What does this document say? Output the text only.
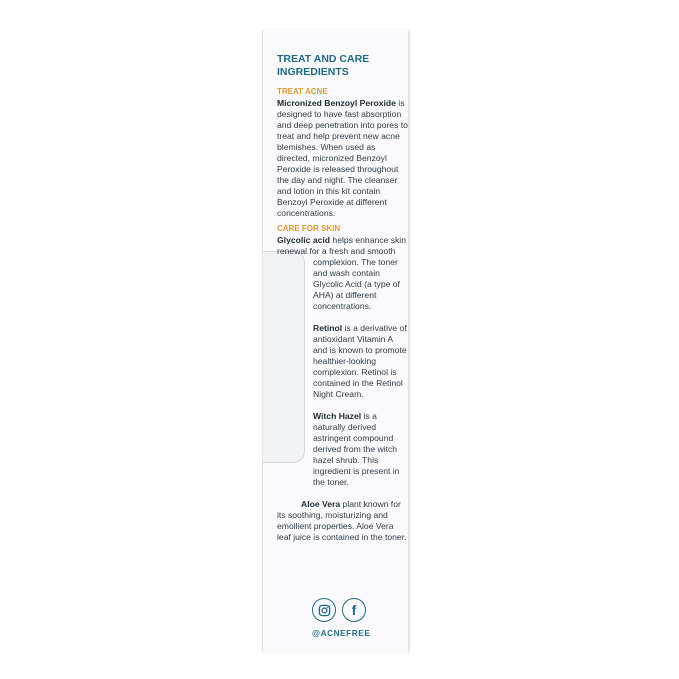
TREAT AND CARE INGREDIENTS
TREAT ACNE

Micronized Benzoyl Peroxide is designed to have fast absorption and deep penetration into pores to treat and help prevent new acne blemishes. When used as directed, micronized Benzoyl Peroxide is released throughout the day and night. The cleanser and lotion in this kit contain Benzoyl Peroxide at different concentrations.

CARE FOR SKIN

Glycolic acid helps enhance skin renewal for a fresh and smooth

complexion. The toner and wash contain Glycolic Acid (a type of AHA) at different concentrations.

Retinol is a derivative of antioxidant Vitamin A and is known to promote healthier-looking complexion. Retinol is contained in the Retinol Night Cream.

Witch Hazel is a naturally derived astringent compound derived from the witch hazel shrub. This ingredient is present in the toner.

Aloe Vera plant known for its soothing, moisturizing and emollient properties. Aloe Vera leaf juice is contained in the toner.

f
@ACNEFREE
